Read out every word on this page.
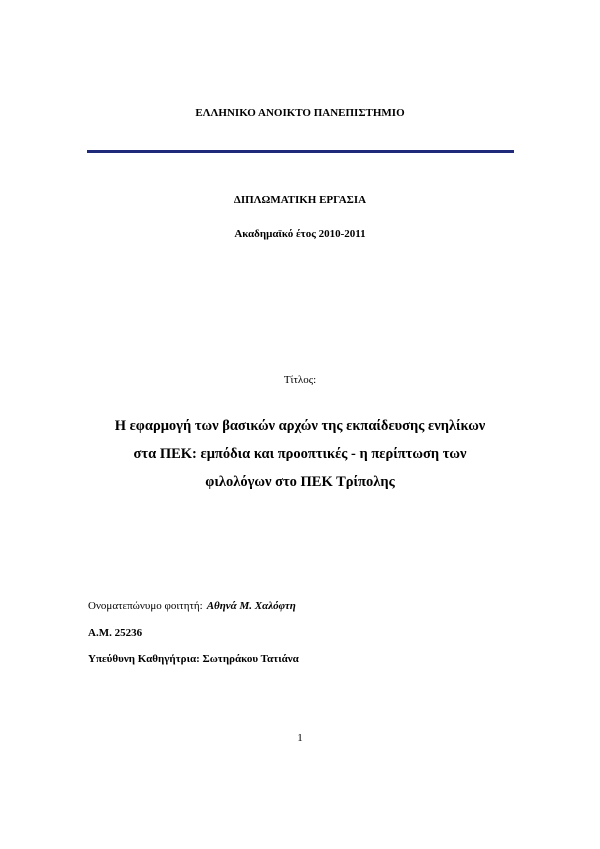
ΕΛΛΗΝΙΚΟ ΑΝΟΙΚΤΟ ΠΑΝΕΠΙΣΤΗΜΙΟ
ΔΙΠΛΩΜΑΤΙΚΗ ΕΡΓΑΣΙΑ
Ακαδημαϊκό έτος 2010-2011
Τίτλος:
Η εφαρμογή των βασικών αρχών της εκπαίδευσης ενηλίκων
στα ΠΕΚ: εμπόδια και προοπτικές - η περίπτωση των
φιλολόγων στο ΠΕΚ Τρίπολης
Ονοματεπώνυμο φοιτητή: Αθηνά Μ. Χαλόφτη
Α.Μ. 25236
Υπεύθυνη Καθηγήτρια: Σωτηράκου Τατιάνα
1
